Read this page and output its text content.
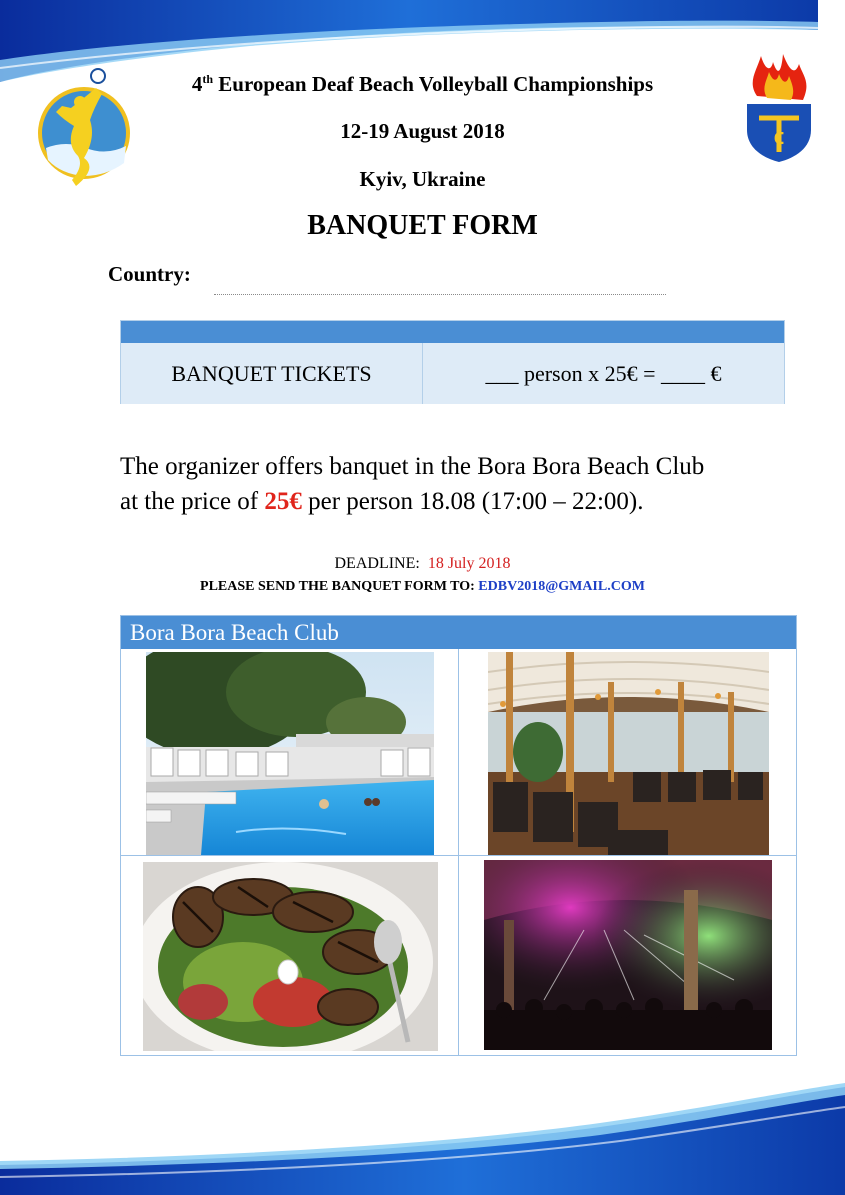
ϵ
4th European Deaf Beach Volleyball Championships
12-19 August 2018
Kyiv, Ukraine
BANQUET FORM
Country:
BANQUET TICKETS	___ person x 25€ = ____ €
The organizer offers banquet in the Bora Bora Beach Club
at the price of 25€ per person 18.08 (17:00 – 22:00).
DEADLINE: 18 July 2018
PLEASE SEND THE BANQUET FORM TO: EDBV2018@GMAIL.COM
Bora Bora Beach Club
